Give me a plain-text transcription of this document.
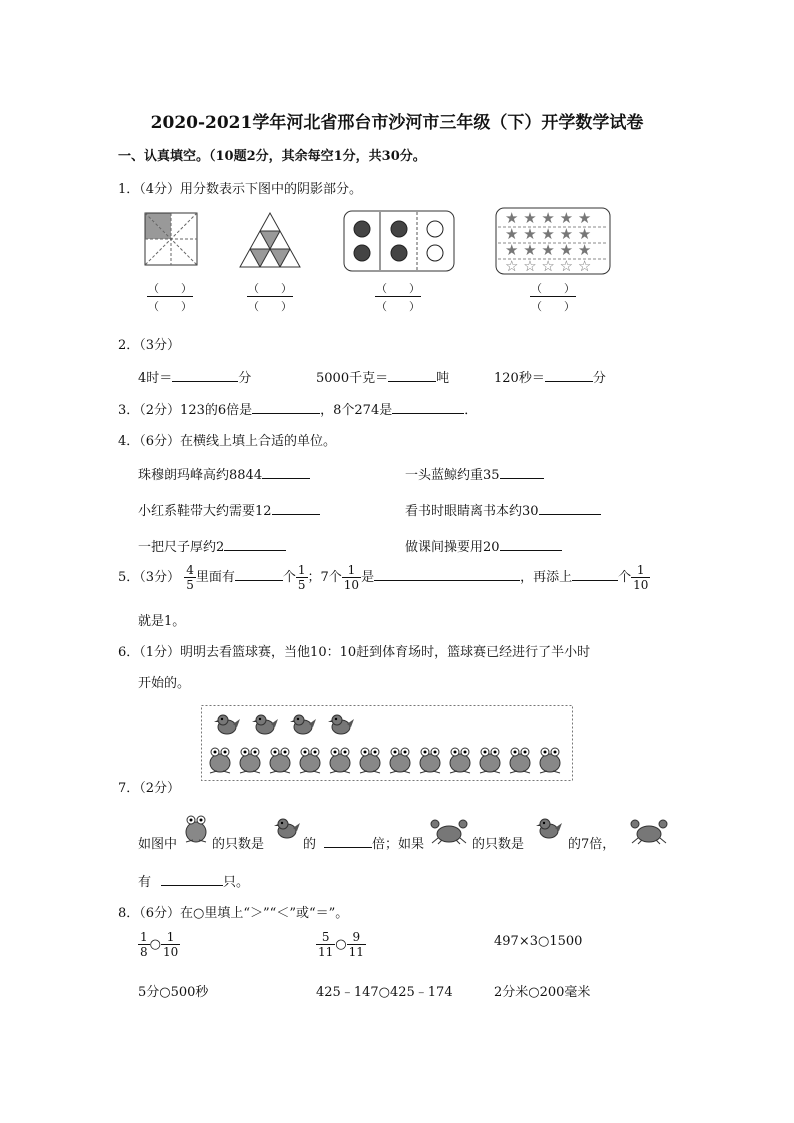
2020-2021学年河北省邢台市沙河市三年级（下）开学数学试卷
一、认真填空。（10题2分，其余每空1分，共30分。
1．（4分）用分数表示下图中的阴影部分。
★ ★ ★ ★ ★
★ ★ ★ ★ ★
★ ★ ★ ★ ★
☆ ☆ ☆ ☆ ☆
（　　）
（　　）
（　　）
（　　）
（　　）
（　　）
（　　）
（　　）
2．（3分）
4时＝	分	5000千克＝	吨	120秒＝	分
3．（2分）123的6倍是	，8个274是	．
4．（6分）在横线上填上合适的单位。
珠穆朗玛峰高约8844	一头蓝鲸约重35
小红系鞋带大约需要12	看书时眼睛离书本约30
一把尺子厚约2	做课间操要用20
5．（3分） $\frac{4}{5}$ 里面有	个 $\frac{1}{5}$ ；7个 $\frac{1}{10}$ 是	，再添上	个 $\frac{1}{10}$
就是1。
6．（1分）明明去看篮球赛，当他10：10赶到体育场时，篮球赛已经进行了半小时
开始的。
7．（2分）
如图中	的只数是	的	倍；如果	的只数是	的7倍，
有	只。
8．（6分）在○里填上“＞”“＜”或“＝”。
$\frac{1}{8}$ ○ $\frac{1}{10}$	$\frac{5}{11}$ ○ $\frac{9}{11}$	497×3○1500
5分○500秒	425﹣147○425﹣174	2分米○200毫米
